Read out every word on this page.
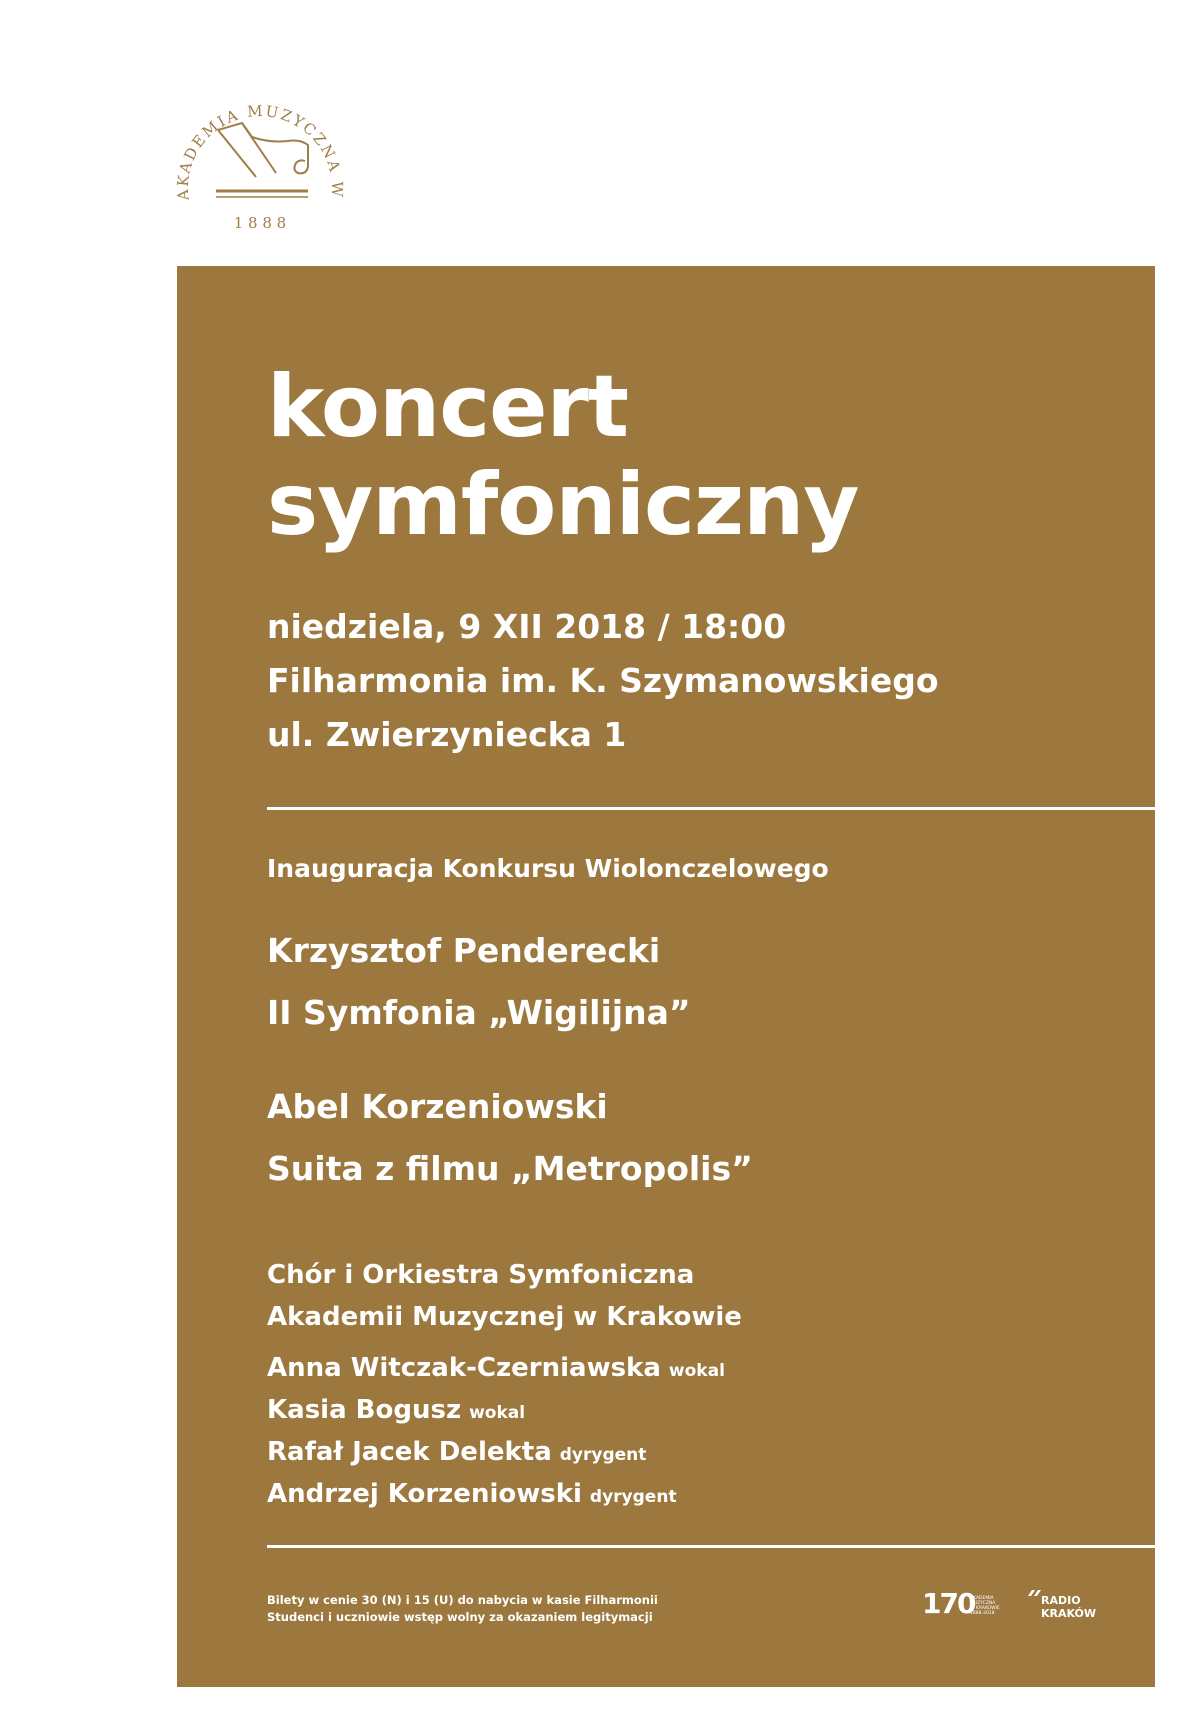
AKADEMIA MUZYCZNA W
1 8 8 8
koncert
symfoniczny
niedziela, 9 XII 2018 / 18:00
Filharmonia im. K. Szymanowskiego
ul. Zwierzyniecka 1
Inauguracja Konkursu Wiolonczelowego
Krzysztof Penderecki
II Symfonia „Wigilijna”
Abel Korzeniowski
Suita z filmu „Metropolis”
Chór i Orkiestra Symfoniczna
Akademii Muzycznej w Krakowie
Anna Witczak-Czerniawska wokal
Kasia Bogusz wokal
Rafał Jacek Delekta dyrygent
Andrzej Korzeniowski dyrygent
Bilety w cenie 30 (N) i 15 (U) do nabycia w kasie Filharmonii
Studenci i uczniowie wstęp wolny za okazaniem legitymacji	170
AKADEMIA
MUZYCZNA
W KRAKOWIE
1888-2018
RADIO
KRAKÓW
